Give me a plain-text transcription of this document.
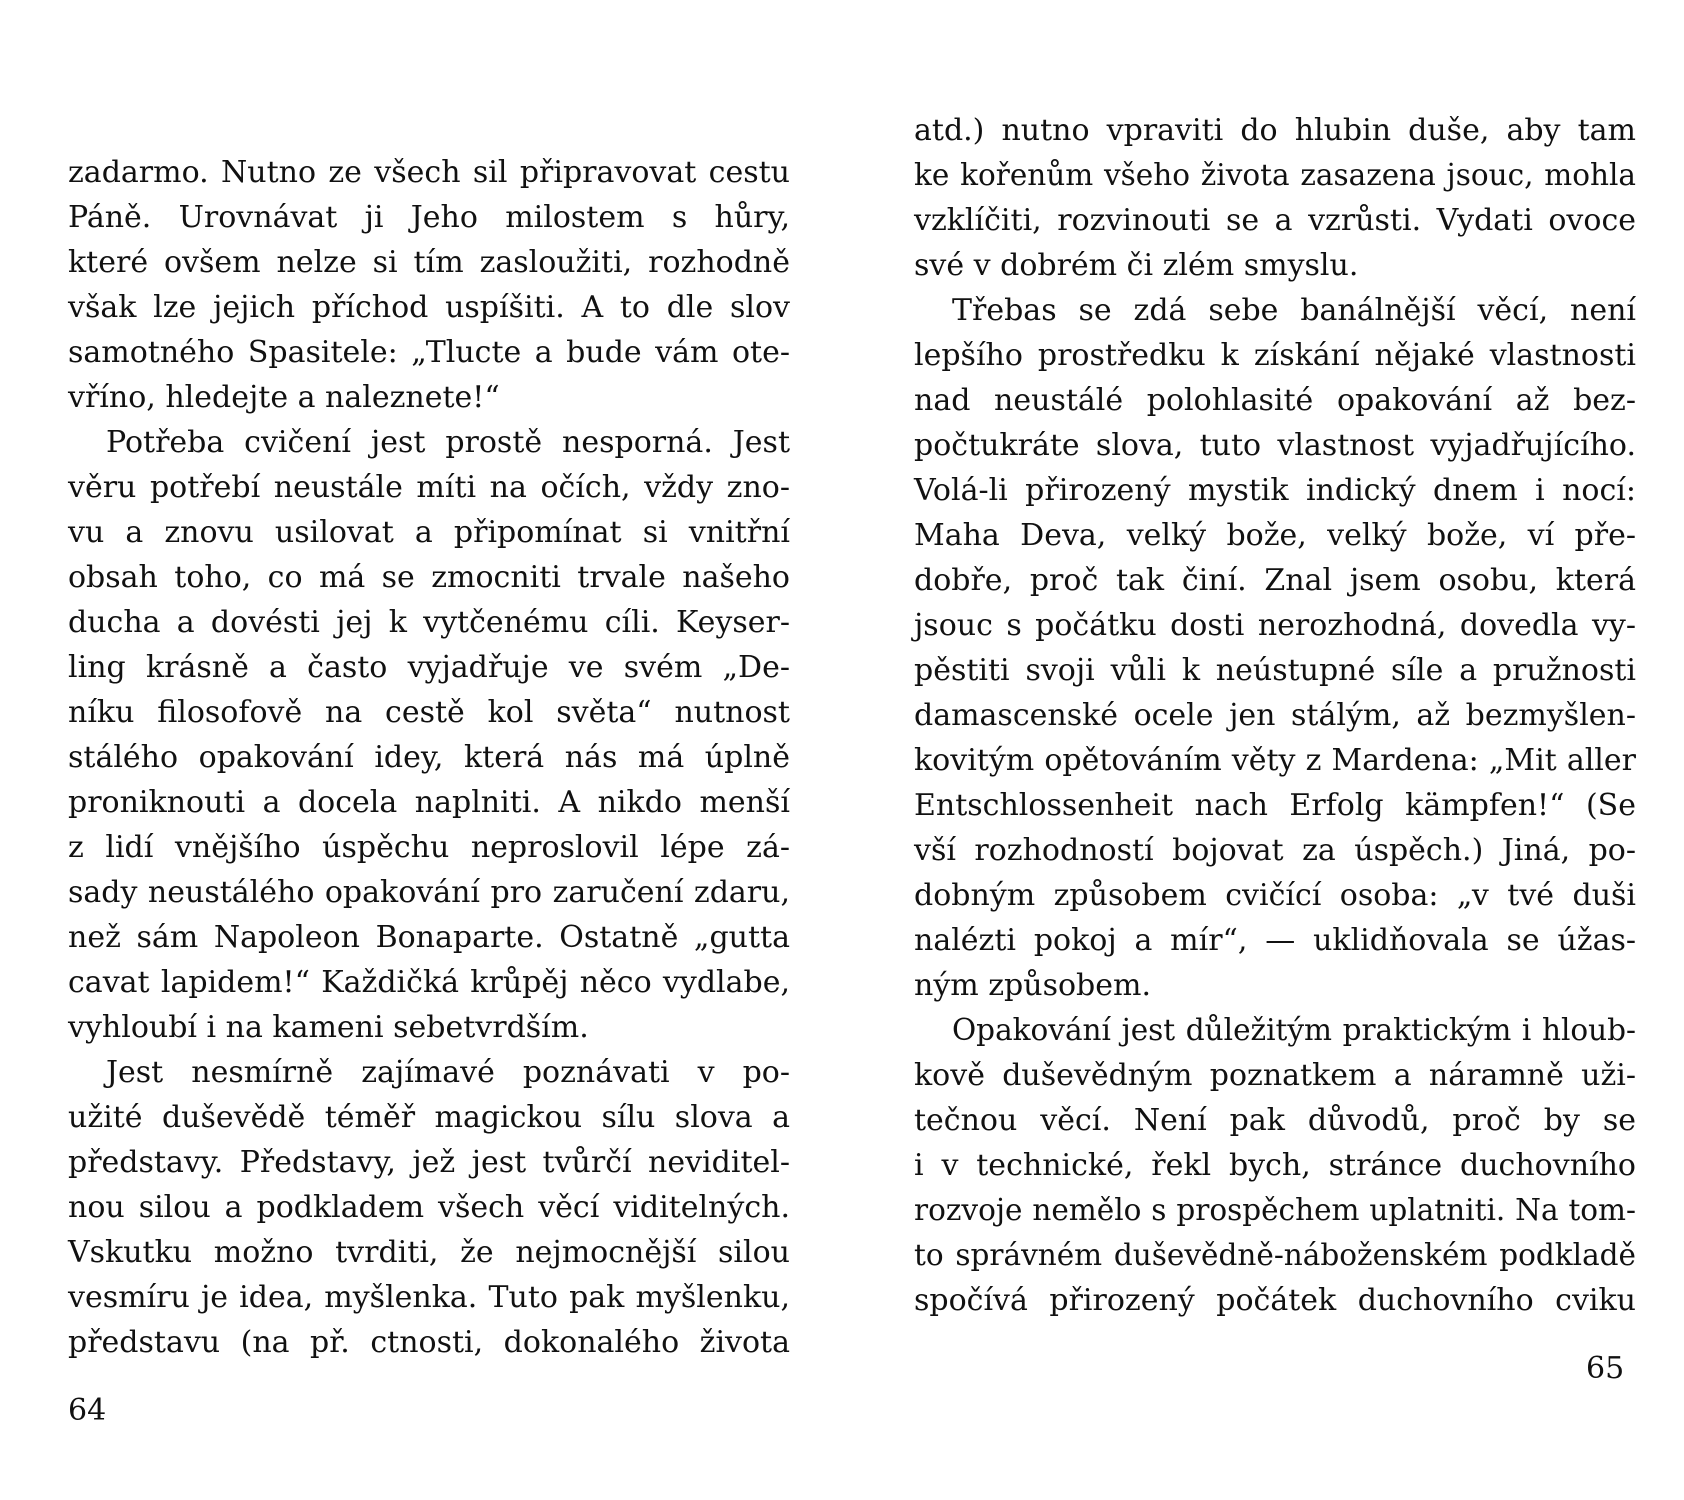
zadarmo. Nutno ze všech sil připravovat cestu
Páně. Urovnávat ji Jeho milostem s hůry,
které ovšem nelze si tím zasloužiti, rozhodně
však lze jejich příchod uspíšiti. A to dle slov
samotného Spasitele: „Tlucte a bude vám ote-
vříno, hledejte a naleznete!“
Potřeba cvičení jest prostě nesporná. Jest
věru potřebí neustále míti na očích, vždy zno-
vu a znovu usilovat a připomínat si vnitřní
obsah toho, co má se zmocniti trvale našeho
ducha a dovésti jej k vytčenému cíli. Keyser-
ling krásně a často vyjadřuje ve svém „De-
níku filosofově na cestě kol světa“ nutnost
stálého opakování idey, která nás má úplně
proniknouti a docela naplniti. A nikdo menší
z lidí vnějšího úspěchu neproslovil lépe zá-
sady neustálého opakování pro zaručení zdaru,
než sám Napoleon Bonaparte. Ostatně „gutta
cavat lapidem!“ Každičká krůpěj něco vydlabe,
vyhloubí i na kameni sebetvrdším.
Jest nesmírně zajímavé poznávati v po-
užité duševědě téměř magickou sílu slova a
představy. Představy, jež jest tvůrčí neviditel-
nou silou a podkladem všech věcí viditelných.
Vskutku možno tvrditi, že nejmocnější silou
vesmíru je idea, myšlenka. Tuto pak myšlenku,
představu (na př. ctnosti, dokonalého života
atd.) nutno vpraviti do hlubin duše, aby tam
ke kořenům všeho života zasazena jsouc, mohla
vzklíčiti, rozvinouti se a vzrůsti. Vydati ovoce
své v dobrém či zlém smyslu.
Třebas se zdá sebe banálnější věcí, není
lepšího prostředku k získání nějaké vlastnosti
nad neustálé polohlasité opakování až bez-
počtukráte slova, tuto vlastnost vyjadřujícího.
Volá-li přirozený mystik indický dnem i nocí:
Maha Deva, velký bože, velký bože, ví pře-
dobře, proč tak činí. Znal jsem osobu, která
jsouc s počátku dosti nerozhodná, dovedla vy-
pěstiti svoji vůli k neústupné síle a pružnosti
damascenské ocele jen stálým, až bezmyšlen-
kovitým opětováním věty z Mardena: „Mit aller
Entschlossenheit nach Erfolg kämpfen!“ (Se
vší rozhodností bojovat za úspěch.) Jiná, po-
dobným způsobem cvičící osoba: „v tvé duši
nalézti pokoj a mír“, — uklidňovala se úžas-
ným způsobem.
Opakování jest důležitým praktickým i hloub-
kově duševědným poznatkem a náramně uži-
tečnou věcí. Není pak důvodů, proč by se
i v technické, řekl bych, stránce duchovního
rozvoje nemělo s prospěchem uplatniti. Na tom-
to správném duševědně-náboženském podkladě
spočívá přirozený počátek duchovního cviku
64
65
